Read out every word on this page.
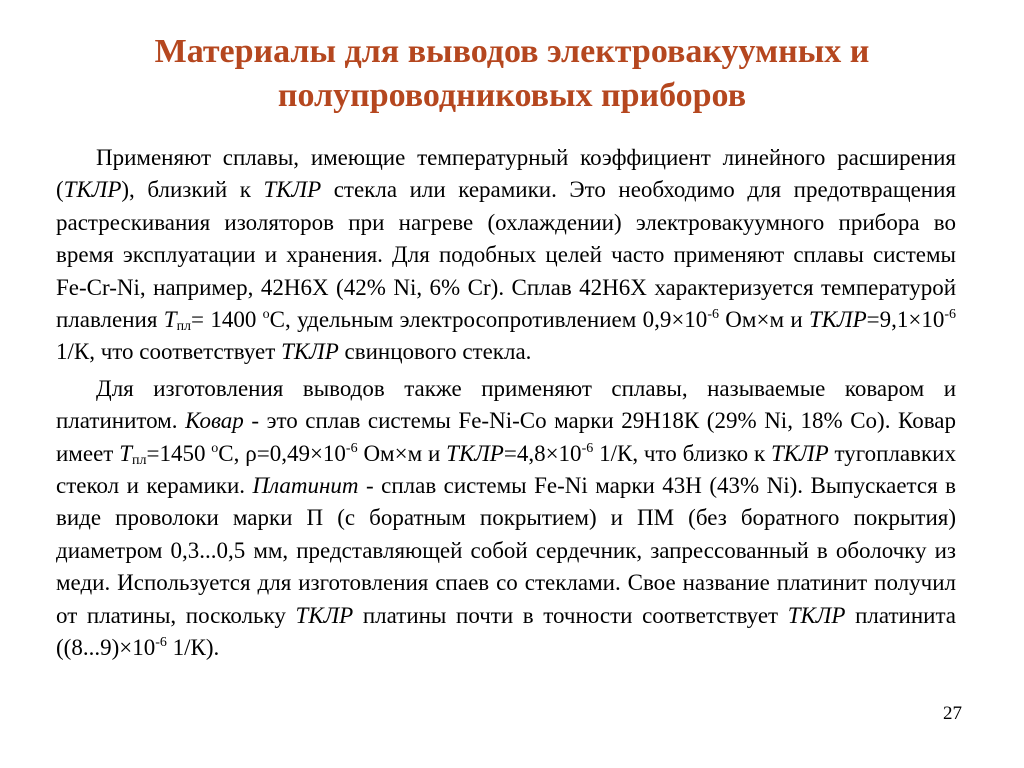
Материалы для выводов электровакуумных и
полупроводниковых приборов

Применяют сплавы, имеющие температурный коэффициент линейного расширения (ТКЛР), близкий к ТКЛР стекла или керамики. Это необходимо для предотвращения растрескивания изоляторов при нагреве (охлаждении) электровакуумного прибора во время эксплуатации и хранения. Для подобных целей часто применяют сплавы системы Fe-Cr-Ni, например, 42Н6Х (42% Ni, 6% Cr). Сплав 42Н6Х характеризуется температурой плавления $Т_{пл}= 1400$ $^o$С, удельным электросопротивлением $0,9\times 10^{-6}$ Ом×м и $ТКЛР=9,1\times 10^{-6}$ 1/К, что соответствует ТКЛР свинцового стекла.

Для изготовления выводов также применяют сплавы, называемые коваром и платинитом. Ковар - это сплав системы Fe-Ni-Co марки 29Н18К (29% Ni, 18% Co). Ковар имеет $Т_{пл}=1450$ $^o$С, $\rho=0,49\times 10^{-6}$ Ом×м и $ТКЛР=4,8\times 10^{-6}$ 1/К, что близко к ТКЛР тугоплавких стекол и керамики. Платинит - сплав системы Fe-Ni марки 43Н (43% Ni). Выпускается в виде проволоки марки П (с боратным покрытием) и ПМ (без боратного покрытия) диаметром 0,3...0,5 мм, представляющей собой сердечник, запрессованный в оболочку из меди. Используется для изготовления спаев со стеклами. Свое название платинит получил от платины, поскольку ТКЛР платины почти в точности соответствует ТКЛР платинита ($(8...9)\times 10^{-6}$ 1/К).

27
